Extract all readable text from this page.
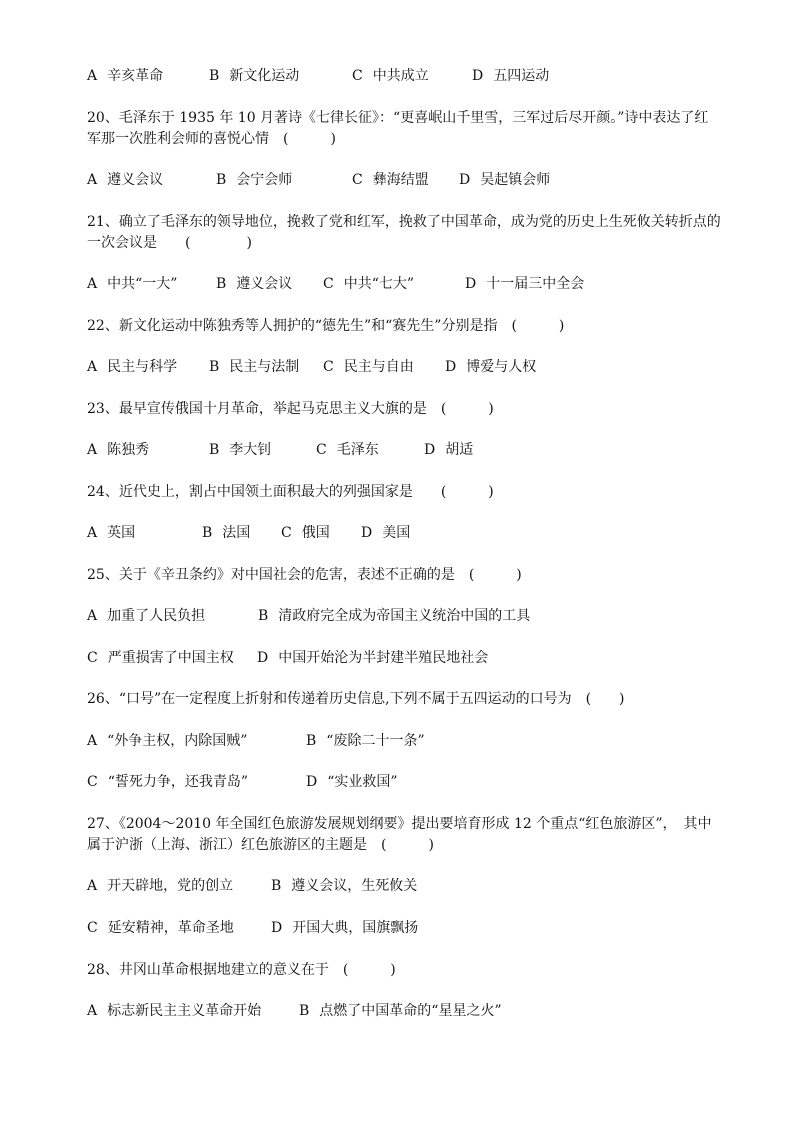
A 辛亥革命	B 新文化运动	C 中共成立	D 五四运动
20、毛泽东于 1935 年 10 月著诗《七律长征》：“更喜岷山千里雪，三军过后尽开颜。”诗中表达了红
军那一次胜利会师的喜悦心情　(　　　)
A 遵义会议	B 会宁会师	C 彝海结盟 D 吴起镇会师
21、确立了毛泽东的领导地位，挽救了党和红军，挽救了中国革命，成为党的历史上生死攸关转折点的
一次会议是　　(　　　　)
A 中共“一大”	B 遵义会议 C 中共“七大”	D 十一届三中全会
22、新文化运动中陈独秀等人拥护的“德先生”和“赛先生”分别是指　(　　　)
A 民主与科学 B 民主与法制 C 民主与自由 D 博爱与人权
23、最早宣传俄国十月革命，举起马克思主义大旗的是　(　　　)
A 陈独秀	B 李大钊	C 毛泽东	D 胡适
24、近代史上，割占中国领土面积最大的列强国家是　　(　　　)
A 英国	B 法国 C 俄国 D 美国
25、关于《辛丑条约》对中国社会的危害，表述不正确的是　(　　　)
A 加重了人民负担	B 清政府完全成为帝国主义统治中国的工具
C 严重损害了中国主权 D 中国开始沦为半封建半殖民地社会
26、“口号”在一定程度上折射和传递着历史信息,下列不属于五四运动的口号为　(　　)
A “外争主权，内除国贼”	B “废除二十一条”
C “誓死力争，还我青岛”	D “实业救国”
27、《2004～2010 年全国红色旅游发展规划纲要》提出要培育形成 12 个重点“红色旅游区”，　其中
属于沪浙（上海、浙江）红色旅游区的主题是　(　　　)
A 开天辟地，党的创立	B 遵义会议，生死攸关
C 延安精神，革命圣地	D 开国大典，国旗飘扬
28、井冈山革命根据地建立的意义在于　(　　　)
A 标志新民主主义革命开始	B 点燃了中国革命的“星星之火”
